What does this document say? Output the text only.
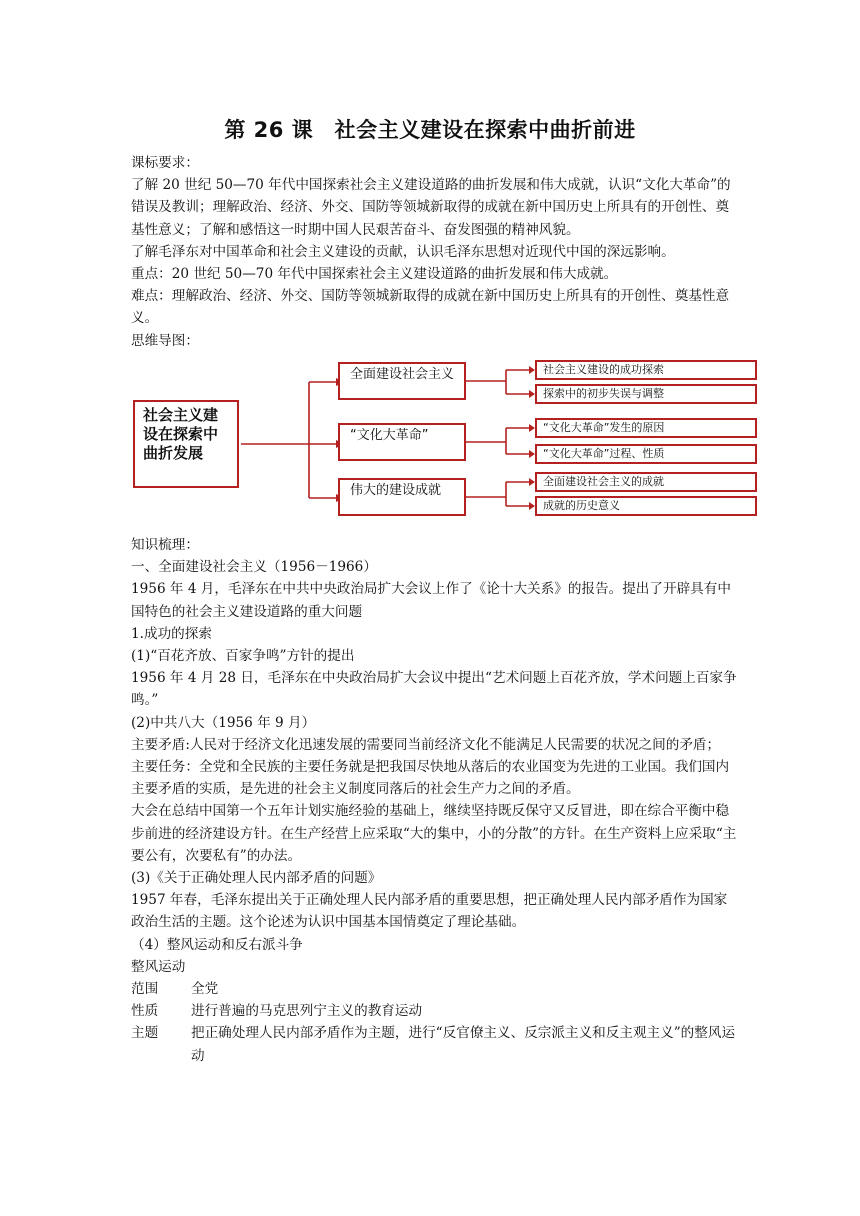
第 26 课　社会主义建设在探索中曲折前进

课标要求：

了解 20 世纪 50—70 年代中国探索社会主义建设道路的曲折发展和伟大成就，认识“文化大革命”的错误及教训；理解政治、经济、外交、国防等领城新取得的成就在新中国历史上所具有的开创性、奠基性意义；了解和感悟这一时期中国人民艰苦奋斗、奋发图强的精神风貌。

了解毛泽东对中国革命和社会主义建设的贡献，认识毛泽东思想对近现代中国的深远影响。

重点：20 世纪 50—70 年代中国探索社会主义建设道路的曲折发展和伟大成就。

难点：理解政治、经济、外交、国防等领城新取得的成就在新中国历史上所具有的开创性、奠基性意义。

思维导图：

社会主义建设在探索中曲折发展
全面建设社会主义
“文化大革命”
伟大的建设成就
社会主义建设的成功探索
探索中的初步失误与调整
“文化大革命”发生的原因
“文化大革命”过程、性质
全面建设社会主义的成就
成就的历史意义

知识梳理：

一、全面建设社会主义（1956－1966）

1956 年 4 月，毛泽东在中共中央政治局扩大会议上作了《论十大关系》的报告。提出了开辟具有中国特色的社会主义建设道路的重大问题

1.成功的探索

(1)“百花齐放、百家争鸣”方针的提出

1956 年 4 月 28 日，毛泽东在中央政治局扩大会议中提出“艺术问题上百花齐放，学术问题上百家争鸣。”

(2)中共八大（1956 年 9 月）

主要矛盾:人民对于经济文化迅速发展的需要同当前经济文化不能满足人民需要的状况之间的矛盾；

主要任务：全党和全民族的主要任务就是把我国尽快地从落后的农业国变为先进的工业国。我们国内主要矛盾的实质，是先进的社会主义制度同落后的社会生产力之间的矛盾。

大会在总结中国第一个五年计划实施经验的基础上，继续坚持既反保守又反冒进，即在综合平衡中稳步前进的经济建设方针。在生产经营上应采取“大的集中，小的分散”的方针。在生产资料上应采取“主要公有，次要私有”的办法。

(3)《关于正确处理人民内部矛盾的问题》

1957 年春，毛泽东提出关于正确处理人民内部矛盾的重要思想，把正确处理人民内部矛盾作为国家政治生活的主题。这个论述为认识中国基本国情奠定了理论基础。

（4）整风运动和反右派斗争

整风运动

范围	全党
性质	进行普遍的马克思列宁主义的教育运动
主题	把正确处理人民内部矛盾作为主题，进行“反官僚主义、反宗派主义和反主观主义”的整风运动
